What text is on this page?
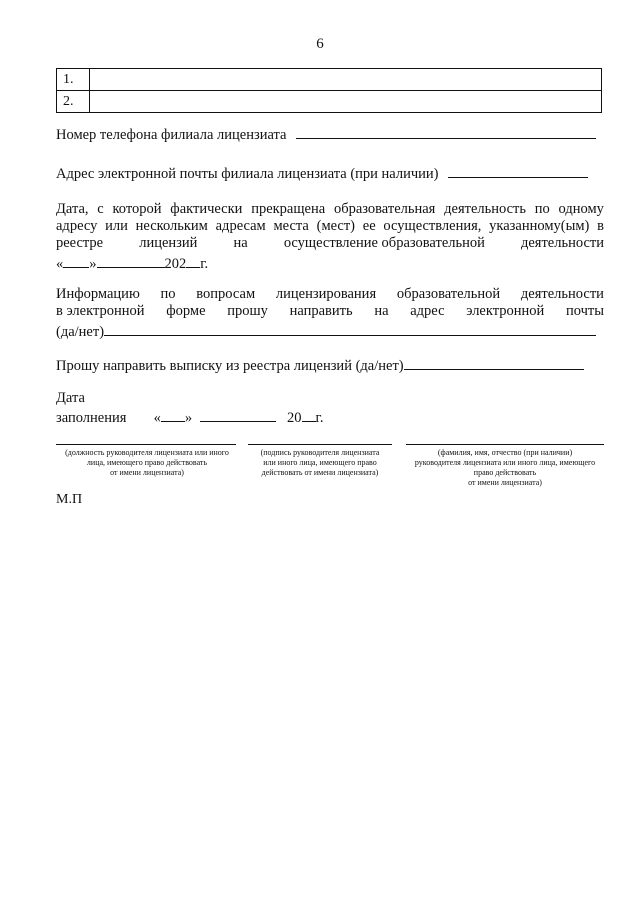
6
1.	
2.	
Номер телефона филиала лицензиата
Адрес электронной почты филиала лицензиата (при наличии)
Дата, с которой фактически прекращена образовательная деятельность по одному
адресу или нескольким адресам места (мест) ее осуществления, указанному(ым) в
реестре лицензий на осуществление образовательной деятельности
« »	202 г.
Информацию по вопросам лицензирования образовательной деятельности
в электронной форме прошу направить на адрес электронной почты
(да/нет)
Прошу направить выписку из реестра лицензий (да/нет)
Дата
заполнения « »	20 г.
(должность руководителя лицензиата или иного
лица, имеющего право действовать
от имени лицензиата)
(подпись руководителя лицензиата
или иного лица, имеющего право
действовать от имени лицензиата)
(фамилия, имя, отчество (при наличии)
руководителя лицензиата или иного лица, имеющего
право действовать
от имени лицензиата)
М.П
